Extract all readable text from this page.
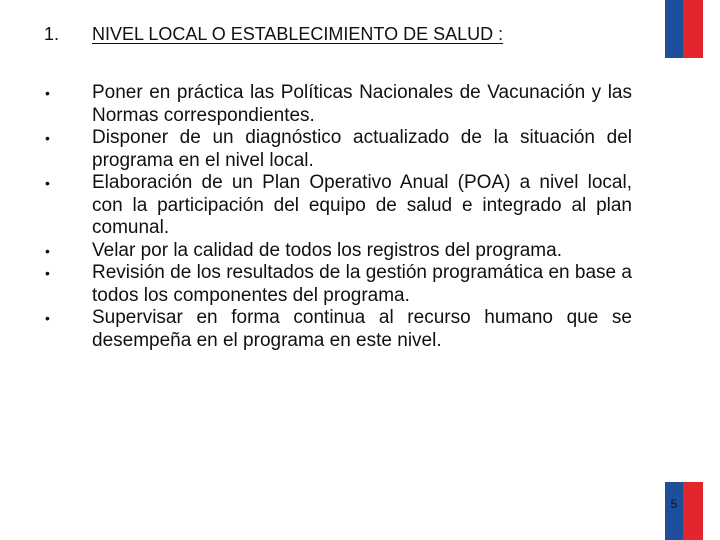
1. NIVEL LOCAL O ESTABLECIMIENTO DE SALUD :
• Poner en práctica las Políticas Nacionales de Vacunación y las Normas correspondientes.
• Disponer de un diagnóstico actualizado de la situación del programa en el nivel local.
• Elaboración de un Plan Operativo Anual (POA) a nivel local, con la participación del equipo de salud e integrado al plan comunal.
• Velar por la calidad de todos los registros del programa.
• Revisión de los resultados de la gestión programática en base a todos los componentes del programa.
• Supervisar en forma continua al recurso humano que se desempeña en el programa en este nivel.
5
